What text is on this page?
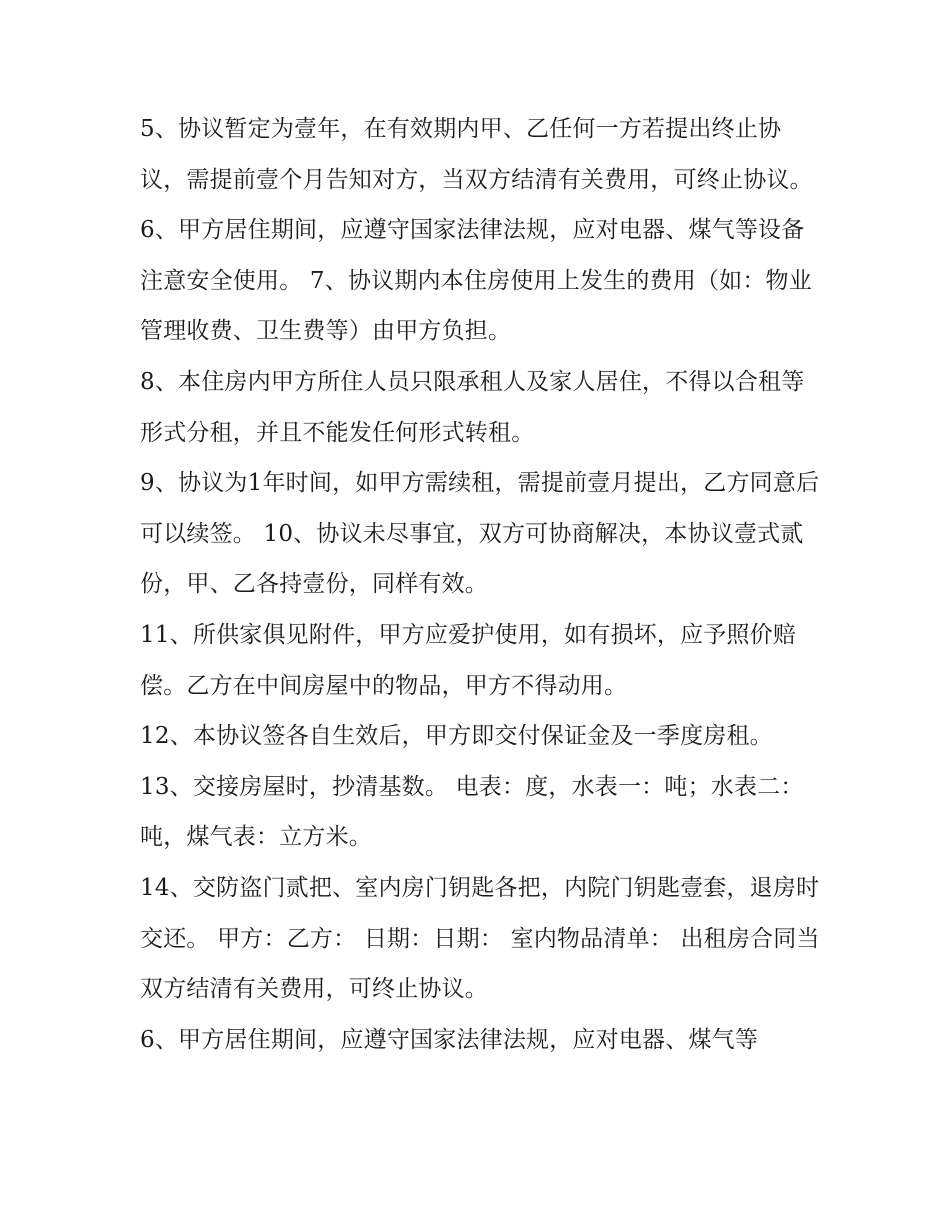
5、协议暂定为壹年，在有效期内甲、乙任何一方若提出终止协议，需提前壹个月告知对方，当双方结清有关费用，可终止协议。

6、甲方居住期间，应遵守国家法律法规，应对电器、煤气等设备注意安全使用。 7、协议期内本住房使用上发生的费用（如：物业管理收费、卫生费等）由甲方负担。

8、本住房内甲方所住人员只限承租人及家人居住，不得以合租等形式分租，并且不能发任何形式转租。

9、协议为1年时间，如甲方需续租，需提前壹月提出，乙方同意后可以续签。 10、协议未尽事宜，双方可协商解决，本协议壹式贰份，甲、乙各持壹份，同样有效。

11、所供家俱见附件，甲方应爱护使用，如有损坏，应予照价赔偿。乙方在中间房屋中的物品，甲方不得动用。

12、本协议签各自生效后，甲方即交付保证金及一季度房租。

13、交接房屋时，抄清基数。 电表：度，水表一：吨；水表二：吨，煤气表：立方米。

14、交防盗门贰把、室内房门钥匙各把，内院门钥匙壹套，退房时交还。 甲方：乙方： 日期：日期： 室内物品清单： 出租房合同当双方结清有关费用，可终止协议。

6、甲方居住期间，应遵守国家法律法规，应对电器、煤气等
